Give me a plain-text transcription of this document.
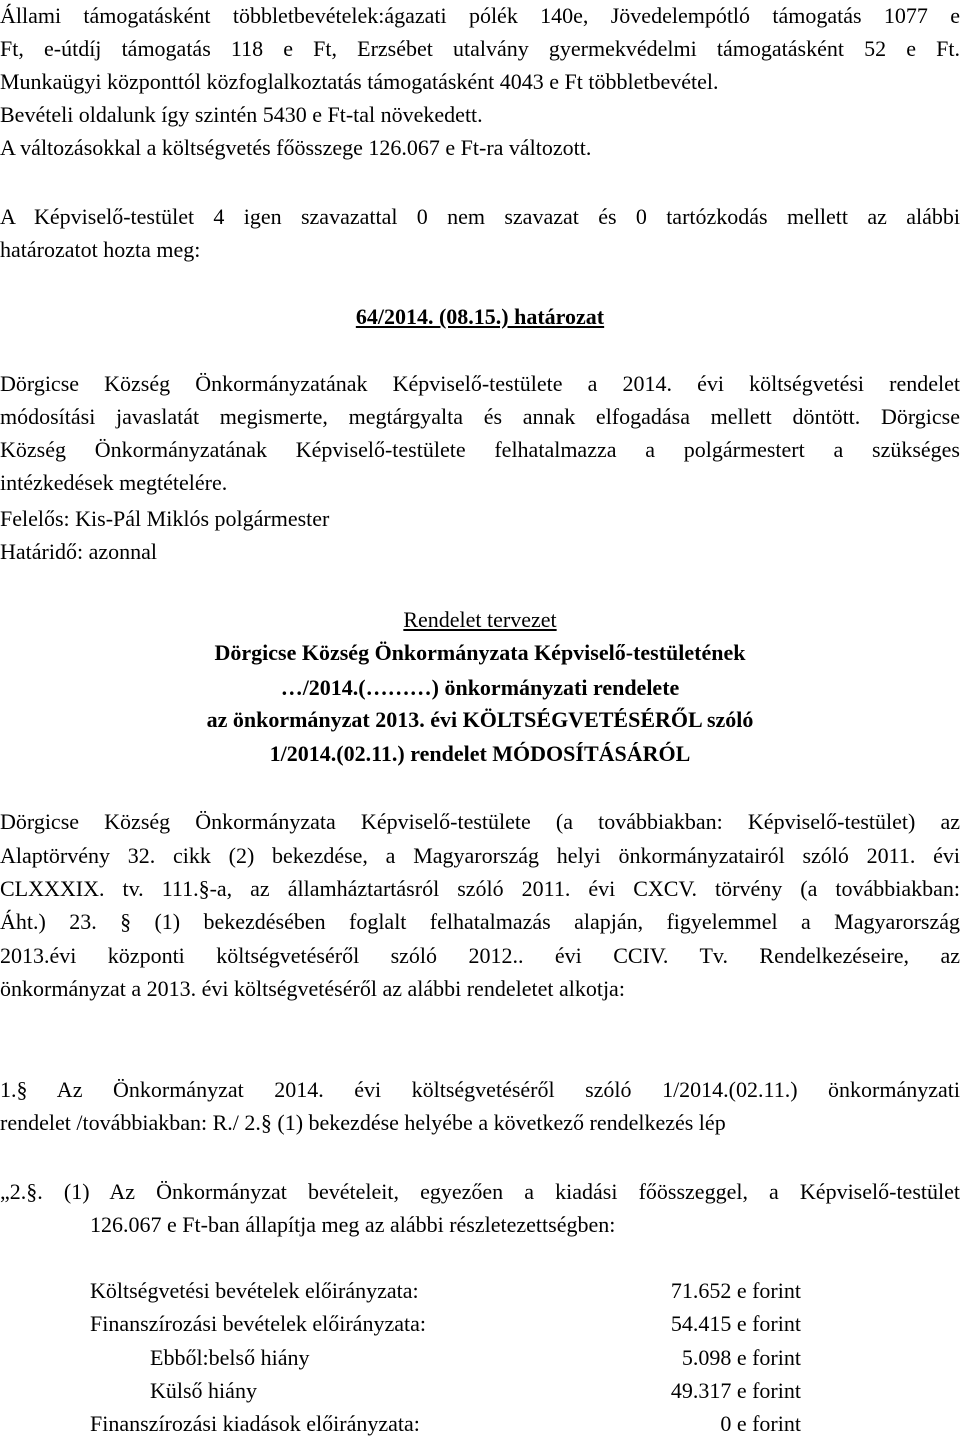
Állami támogatásként többletbevételek:ágazati pólék 140e, Jövedelempótló támogatás 1077 e
Ft, e-útdíj támogatás 118 e Ft, Erzsébet utalvány gyermekvédelmi támogatásként 52 e Ft.
Munkaügyi központtól közfoglalkoztatás támogatásként 4043 e Ft többletbevétel.
Bevételi oldalunk így szintén 5430 e Ft-tal növekedett.
A változásokkal a költségvetés főösszege 126.067 e Ft-ra változott.
A Képviselő-testület 4 igen szavazattal 0 nem szavazat és 0 tartózkodás mellett az alábbi
határozatot hozta meg:
64/2014. (08.15.) határozat
Dörgicse Község Önkormányzatának Képviselő-testülete a 2014. évi költségvetési rendelet
módosítási javaslatát megismerte, megtárgyalta és annak elfogadása mellett döntött. Dörgicse
Község Önkormányzatának Képviselő-testülete felhatalmazza a polgármestert a szükséges
intézkedések megtételére.
Felelős: Kis-Pál Miklós polgármester
Határidő: azonnal
Rendelet tervezet
Dörgicse Község Önkormányzata Képviselő-testületének
…/2014.(………) önkormányzati rendelete
az önkormányzat 2013. évi KÖLTSÉGVETÉSÉRŐL szóló
1/2014.(02.11.) rendelet MÓDOSÍTÁSÁRÓL
Dörgicse Község Önkormányzata Képviselő-testülete (a továbbiakban: Képviselő-testület) az
Alaptörvény 32. cikk (2) bekezdése, a Magyarország helyi önkormányzatairól szóló 2011. évi
CLXXXIX. tv. 111.§-a, az államháztartásról szóló 2011. évi CXCV. törvény (a továbbiakban:
Áht.) 23. § (1) bekezdésében foglalt felhatalmazás alapján, figyelemmel a Magyarország
2013.évi központi költségvetéséről szóló 2012.. évi CCIV. Tv. Rendelkezéseire, az
önkormányzat a 2013. évi költségvetéséről az alábbi rendeletet alkotja:
1.§ Az Önkormányzat 2014. évi költségvetéséről szóló 1/2014.(02.11.) önkormányzati
rendelet /továbbiakban: R./ 2.§ (1) bekezdése helyébe a következő rendelkezés lép
„2.§. (1) Az Önkormányzat bevételeit, egyezően a kiadási főösszeggel, a Képviselő-testület
126.067 e Ft-ban állapítja meg az alábbi részletezettségben:
Költségvetési bevételek előirányzata:	71.652 e forint
Finanszírozási bevételek előirányzata:	54.415 e forint
Ebből:belső hiány	5.098 e forint
Külső hiány	49.317 e forint
Finanszírozási kiadások előirányzata:	0 e forint
